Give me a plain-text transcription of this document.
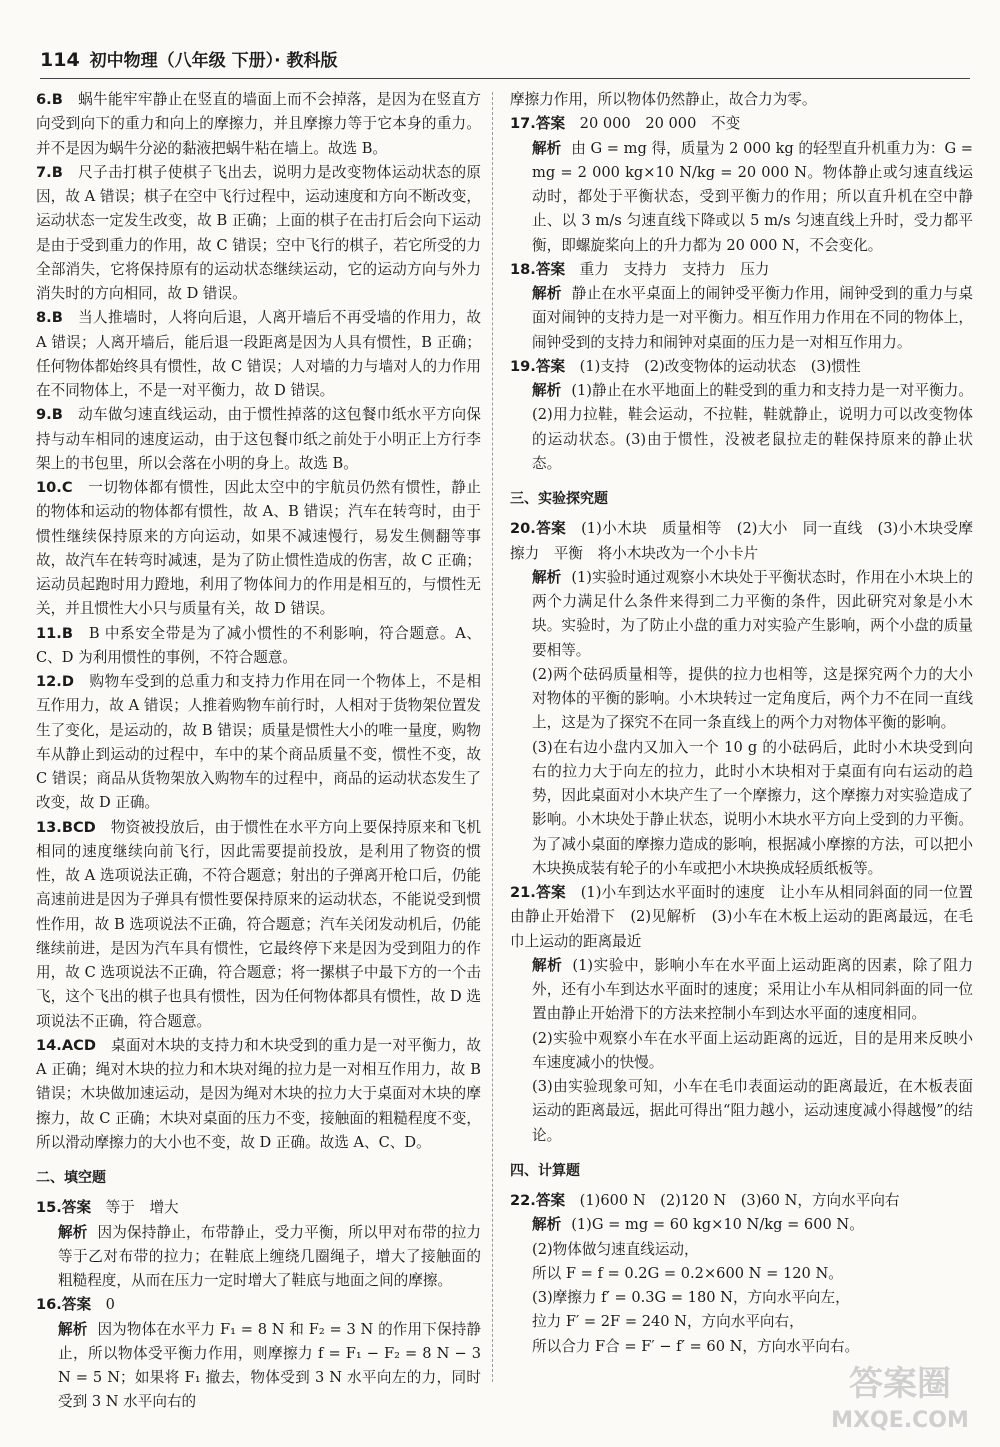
114 初中物理（八年级 下册）· 教科版

6.B　 蜗牛能牢牢静止在竖直的墙面上而不会掉落，是因为在竖直方向受到向下的重力和向上的摩擦力，并且摩擦力等于它本身的重力。并不是因为蜗牛分泌的黏液把蜗牛粘在墙上。故选 B。

7.B　 尺子击打棋子使棋子飞出去，说明力是改变物体运动状态的原因，故 A 错误；棋子在空中飞行过程中，运动速度和方向不断改变，运动状态一定发生改变，故 B 正确；上面的棋子在击打后会向下运动是由于受到重力的作用，故 C 错误；空中飞行的棋子，若它所受的力全部消失，它将保持原有的运动状态继续运动，它的运动方向与外力消失时的方向相同，故 D 错误。

8.B　 当人推墙时，人将向后退，人离开墙后不再受墙的作用力，故 A 错误；人离开墙后，能后退一段距离是因为人具有惯性，B 正确；任何物体都始终具有惯性，故 C 错误；人对墙的力与墙对人的力作用在不同物体上，不是一对平衡力，故 D 错误。

9.B　 动车做匀速直线运动，由于惯性掉落的这包餐巾纸水平方向保持与动车相同的速度运动，由于这包餐巾纸之前处于小明正上方行李架上的书包里，所以会落在小明的身上。故选 B。

10.C　 一切物体都有惯性，因此太空中的宇航员仍然有惯性，静止的物体和运动的物体都有惯性，故 A、B 错误；汽车在转弯时，由于惯性继续保持原来的方向运动，如果不减速慢行，易发生侧翻等事故，故汽车在转弯时减速，是为了防止惯性造成的伤害，故 C 正确；运动员起跑时用力蹬地，利用了物体间力的作用是相互的，与惯性无关，并且惯性大小只与质量有关，故 D 错误。

11.B　 B 中系安全带是为了减小惯性的不利影响，符合题意。A、C、D 为利用惯性的事例，不符合题意。

12.D　 购物车受到的总重力和支持力作用在同一个物体上，不是相互作用力，故 A 错误；人推着购物车前行时，人相对于货物架位置发生了变化，是运动的，故 B 错误；质量是惯性大小的唯一量度，购物车从静止到运动的过程中，车中的某个商品质量不变，惯性不变，故 C 错误；商品从货物架放入购物车的过程中，商品的运动状态发生了改变，故 D 正确。

13.BCD　 物资被投放后，由于惯性在水平方向上要保持原来和飞机相同的速度继续向前飞行，因此需要提前投放，是利用了物资的惯性，故 A 选项说法正确，不符合题意；射出的子弹离开枪口后，仍能高速前进是因为子弹具有惯性要保持原来的运动状态，不能说受到惯性作用，故 B 选项说法不正确，符合题意；汽车关闭发动机后，仍能继续前进，是因为汽车具有惯性，它最终停下来是因为受到阻力的作用，故 C 选项说法不正确，符合题意；将一摞棋子中最下方的一个击飞，这个飞出的棋子也具有惯性，因为任何物体都具有惯性，故 D 选项说法不正确，符合题意。

14.ACD　 桌面对木块的支持力和木块受到的重力是一对平衡力，故 A 正确；绳对木块的拉力和木块对绳的拉力是一对相互作用力，故 B 错误；木块做加速运动，是因为绳对木块的拉力大于桌面对木块的摩擦力，故 C 正确；木块对桌面的压力不变，接触面的粗糙程度不变，所以滑动摩擦力的大小也不变，故 D 正确。故选 A、C、D。

二、填空题

15.答案　 等于　增大

解析 因为保持静止，布带静止，受力平衡，所以甲对布带的拉力等于乙对布带的拉力；在鞋底上缠绕几圈绳子，增大了接触面的粗糙程度，从而在压力一定时增大了鞋底与地面之间的摩擦。

16.答案　 0

解析 因为物体在水平力 F₁ = 8 N 和 F₂ = 3 N 的作用下保持静止，所以物体受平衡力作用，则摩擦力 f = F₁ − F₂ = 8 N − 3 N = 5 N；如果将 F₁ 撤去，物体受到 3 N 水平向左的力，同时受到 3 N 水平向右的

摩擦力作用，所以物体仍然静止，故合力为零。

17.答案　 20 000　20 000　不变

解析 由 G = mg 得，质量为 2 000 kg 的轻型直升机重力为：G = mg = 2 000 kg×10 N/kg = 20 000 N。物体静止或匀速直线运动时，都处于平衡状态，受到平衡力的作用；所以直升机在空中静止、以 3 m/s 匀速直线下降或以 5 m/s 匀速直线上升时，受力都平衡，即螺旋桨向上的升力都为 20 000 N，不会变化。

18.答案　 重力　支持力　支持力　压力

解析 静止在水平桌面上的闹钟受平衡力作用，闹钟受到的重力与桌面对闹钟的支持力是一对平衡力。相互作用力作用在不同的物体上，闹钟受到的支持力和闹钟对桌面的压力是一对相互作用力。

19.答案　 (1)支持　(2)改变物体的运动状态　(3)惯性

解析 (1)静止在水平地面上的鞋受到的重力和支持力是一对平衡力。(2)用力拉鞋，鞋会运动，不拉鞋，鞋就静止，说明力可以改变物体的运动状态。(3)由于惯性，没被老鼠拉走的鞋保持原来的静止状态。

三、实验探究题

20.答案　 (1)小木块　质量相等　(2)大小　同一直线　(3)小木块受摩擦力　平衡　将小木块改为一个小卡片

解析 (1)实验时通过观察小木块处于平衡状态时，作用在小木块上的两个力满足什么条件来得到二力平衡的条件，因此研究对象是小木块。实验时，为了防止小盘的重力对实验产生影响，两个小盘的质量要相等。

(2)两个砝码质量相等，提供的拉力也相等，这是探究两个力的大小对物体的平衡的影响。小木块转过一定角度后，两个力不在同一直线上，这是为了探究不在同一条直线上的两个力对物体平衡的影响。

(3)在右边小盘内又加入一个 10 g 的小砝码后，此时小木块受到向右的拉力大于向左的拉力，此时小木块相对于桌面有向右运动的趋势，因此桌面对小木块产生了一个摩擦力，这个摩擦力对实验造成了影响。小木块处于静止状态，说明小木块水平方向上受到的力平衡。为了减小桌面的摩擦力造成的影响，根据减小摩擦的方法，可以把小木块换成装有轮子的小车或把小木块换成轻质纸板等。

21.答案　 (1)小车到达水平面时的速度　让小车从相同斜面的同一位置由静止开始滑下　(2)见解析　(3)小车在木板上运动的距离最远，在毛巾上运动的距离最近

解析 (1)实验中，影响小车在水平面上运动距离的因素，除了阻力外，还有小车到达水平面时的速度；采用让小车从相同斜面的同一位置由静止开始滑下的方法来控制小车到达水平面的速度相同。

(2)实验中观察小车在水平面上运动距离的远近，目的是用来反映小车速度减小的快慢。

(3)由实验现象可知，小车在毛巾表面运动的距离最近，在木板表面运动的距离最远，据此可得出“阻力越小，运动速度减小得越慢”的结论。

四、计算题

22.答案　 (1)600 N　(2)120 N　(3)60 N，方向水平向右

解析 (1)G = mg = 60 kg×10 N/kg = 600 N。

(2)物体做匀速直线运动，

所以 F = f = 0.2G = 0.2×600 N = 120 N。

(3)摩擦力 f′ = 0.3G = 180 N，方向水平向左，

拉力 F′ = 2F = 240 N，方向水平向右，

所以合力 F合 = F′ − f′ = 60 N，方向水平向右。

答案圈
MXQE.COM
